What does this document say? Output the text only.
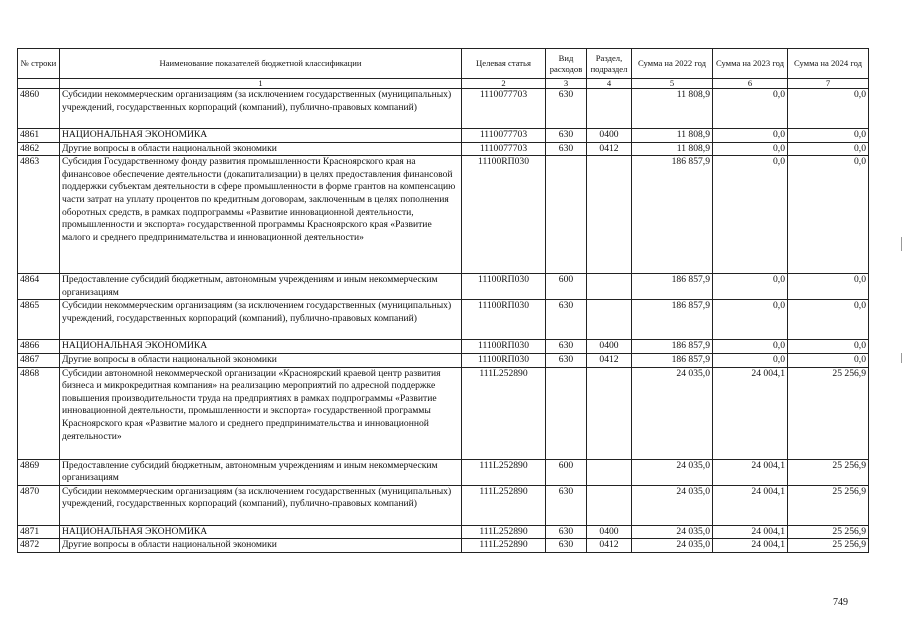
№ строки	Наименование показателей бюджетной классификации	Целевая статья	Вид расходов	Раздел, подраздел	Сумма на 2022 год	Сумма на 2023 год	Сумма на 2024 год
	1	2	3	4	5	6	7
4860	Субсидии некоммерческим организациям (за исключением государственных (муниципальных) учреждений, государственных корпораций (компаний), публично-правовых компаний)	1110077703	630		11 808,9	0,0	0,0
4861	НАЦИОНАЛЬНАЯ ЭКОНОМИКА	1110077703	630	0400	11 808,9	0,0	0,0
4862	Другие вопросы в области национальной экономики	1110077703	630	0412	11 808,9	0,0	0,0
4863	Субсидия Государственному фонду развития промышленности Красноярского края на финансовое обеспечение деятельности (докапитализации) в целях предоставления финансовой поддержки субъектам деятельности в сфере промышленности в форме грантов на компенсацию части затрат на уплату процентов по кредитным договорам, заключенным в целях пополнения оборотных средств, в рамках подпрограммы «Развитие инновационной деятельности, промышленности и экспорта» государственной программы Красноярского края «Развитие малого и среднего предпринимательства и инновационной деятельности»	11100RП030			186 857,9	0,0	0,0
4864	Предоставление субсидий бюджетным, автономным учреждениям и иным некоммерческим организациям	11100RП030	600		186 857,9	0,0	0,0
4865	Субсидии некоммерческим организациям (за исключением государственных (муниципальных) учреждений, государственных корпораций (компаний), публично-правовых компаний)	11100RП030	630		186 857,9	0,0	0,0
4866	НАЦИОНАЛЬНАЯ ЭКОНОМИКА	11100RП030	630	0400	186 857,9	0,0	0,0
4867	Другие вопросы в области национальной экономики	11100RП030	630	0412	186 857,9	0,0	0,0
4868	Субсидии автономной некоммерческой организации «Красноярский краевой центр развития бизнеса и микрокредитная компания» на реализацию мероприятий по адресной поддержке повышения производительности труда на предприятиях в рамках подпрограммы «Развитие инновационной деятельности, промышленности и экспорта» государственной программы Красноярского края «Развитие малого и среднего предпринимательства и инновационной деятельности»	111L252890			24 035,0	24 004,1	25 256,9
4869	Предоставление субсидий бюджетным, автономным учреждениям и иным некоммерческим организациям	111L252890	600		24 035,0	24 004,1	25 256,9
4870	Субсидии некоммерческим организациям (за исключением государственных (муниципальных) учреждений, государственных корпораций (компаний), публично-правовых компаний)	111L252890	630		24 035,0	24 004,1	25 256,9
4871	НАЦИОНАЛЬНАЯ ЭКОНОМИКА	111L252890	630	0400	24 035,0	24 004,1	25 256,9
4872	Другие вопросы в области национальной экономики	111L252890	630	0412	24 035,0	24 004,1	25 256,9
749
